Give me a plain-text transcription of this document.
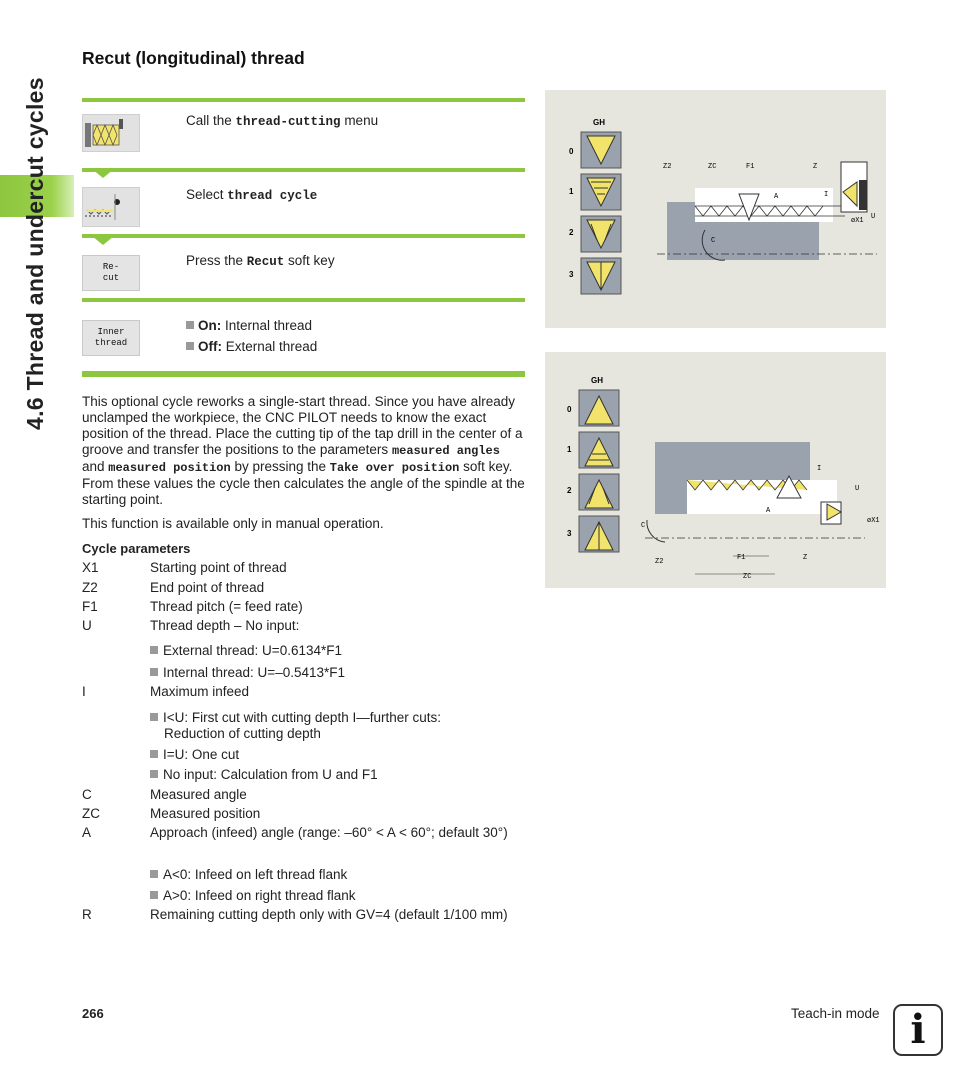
4.6 Thread and undercut cycles
Recut (longitudinal) thread
Call the thread-cutting menu
Select thread cycle
Re-
cut
Press the Recut soft key
Inner
thread
On: Internal thread
Off: External thread
This optional cycle reworks a single-start thread. Since you have already unclamped the workpiece, the CNC PILOT needs to know the exact position of the thread. Place the cutting tip of the tap drill in the center of a groove and transfer the positions to the parameters measured angles and measured position by pressing the Take over position soft key. From these values the cycle then calculates the angle of the spindle at the starting point.
This function is available only in manual operation.
Cycle parameters
X1	Starting point of thread
Z2	End point of thread
F1	Thread pitch (= feed rate)
U	Thread depth – No input:
External thread: U=0.6134*F1
Internal thread: U=–0.5413*F1
I	Maximum infeed
I<U: First cut with cutting depth I—further cuts:
Reduction of cutting depth
I=U: One cut
No input: Calculation from U and F1
C	Measured angle
ZC	Measured position
A	Approach (infeed) angle (range: –60° < A < 60°; default 30°)
A<0: Infeed on left thread flank
A>0: Infeed on right thread flank
R	Remaining cutting depth only with GV=4 (default 1/100 mm)
GH
0
1
2
3
Z2	ZC	F1	Z
A	I
øX1 U
C
GH
0
1
2
3
C
A
I
U
øX1
F1	Z
Z2
ZC
266	Teach-in mode i
